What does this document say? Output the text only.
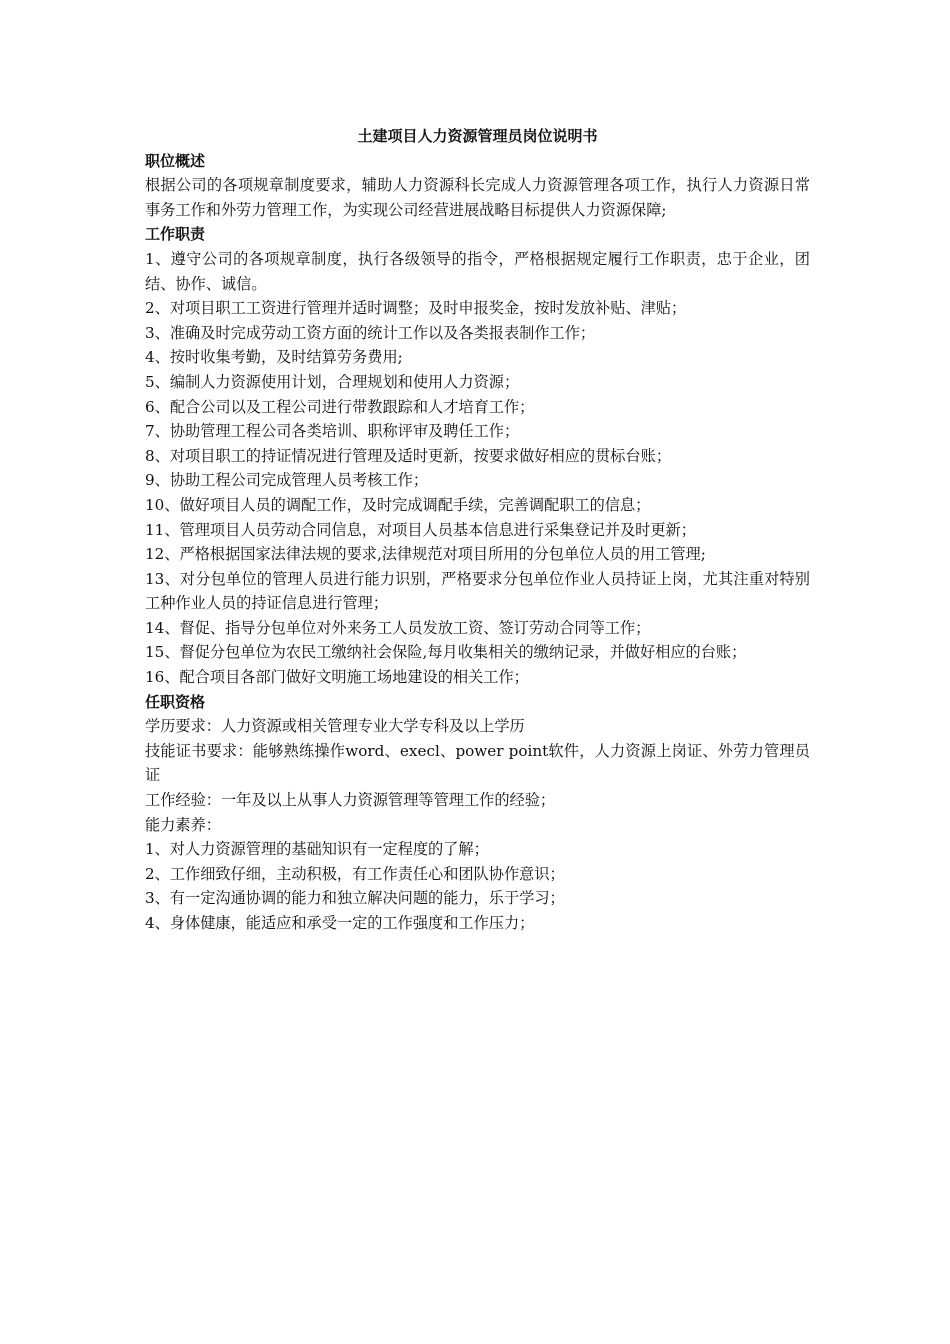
土建项目人力资源管理员岗位说明书

职位概述

根据公司的各项规章制度要求，辅助人力资源科长完成人力资源管理各项工作，执行人力资源日常事务工作和外劳力管理工作，为实现公司经营进展战略目标提供人力资源保障;

工作职责

1、遵守公司的各项规章制度，执行各级领导的指令，严格根据规定履行工作职责，忠于企业，团结、协作、诚信。

2、对项目职工工资进行管理并适时调整；及时申报奖金，按时发放补贴、津贴；

3、准确及时完成劳动工资方面的统计工作以及各类报表制作工作；

4、按时收集考勤，及时结算劳务费用;

5、编制人力资源使用计划，合理规划和使用人力资源；

6、配合公司以及工程公司进行带教跟踪和人才培育工作；

7、协助管理工程公司各类培训、职称评审及聘任工作；

8、对项目职工的持证情况进行管理及适时更新，按要求做好相应的贯标台账；

9、协助工程公司完成管理人员考核工作；

10、做好项目人员的调配工作，及时完成调配手续，完善调配职工的信息；

11、管理项目人员劳动合同信息，对项目人员基本信息进行采集登记并及时更新；

12、严格根据国家法律法规的要求,法律规范对项目所用的分包单位人员的用工管理;

13、对分包单位的管理人员进行能力识别，严格要求分包单位作业人员持证上岗，尤其注重对特别工种作业人员的持证信息进行管理；

14、督促、指导分包单位对外来务工人员发放工资、签订劳动合同等工作；

15、督促分包单位为农民工缴纳社会保险,每月收集相关的缴纳记录，并做好相应的台账；

16、配合项目各部门做好文明施工场地建设的相关工作；

任职资格

学历要求：人力资源或相关管理专业大学专科及以上学历

技能证书要求：能够熟练操作word、execl、power point软件，人力资源上岗证、外劳力管理员证

工作经验：一年及以上从事人力资源管理等管理工作的经验；

能力素养：

1、对人力资源管理的基础知识有一定程度的了解；

2、工作细致仔细，主动积极，有工作责任心和团队协作意识；

3、有一定沟通协调的能力和独立解决问题的能力，乐于学习；

4、身体健康，能适应和承受一定的工作强度和工作压力；
